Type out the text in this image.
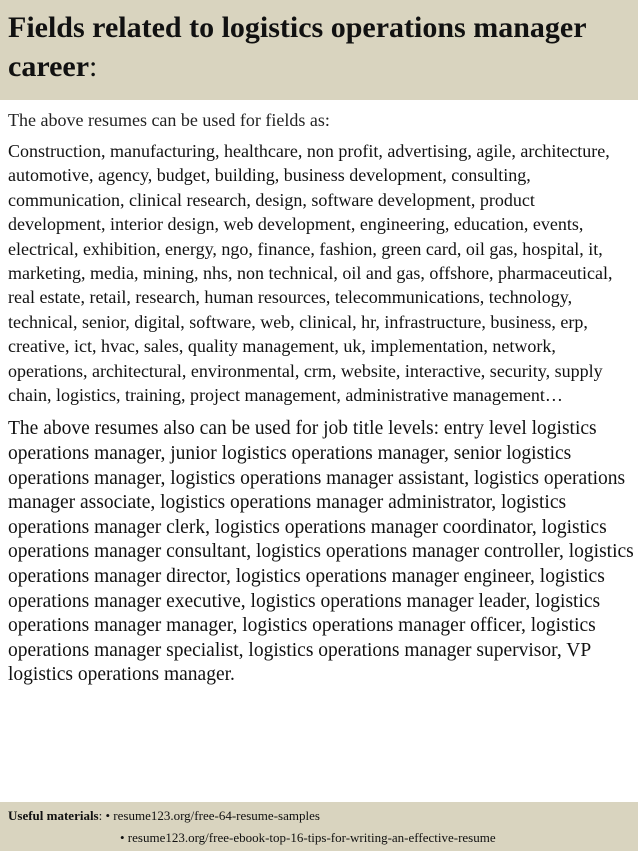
Fields related to logistics operations manager career:

The above resumes can be used for fields as:

Construction, manufacturing, healthcare, non profit, advertising, agile, architecture, automotive, agency, budget, building, business development, consulting, communication, clinical research, design, software development, product development, interior design, web development, engineering, education, events, electrical, exhibition, energy, ngo, finance, fashion, green card, oil gas, hospital, it, marketing, media, mining, nhs, non technical, oil and gas, offshore, pharmaceutical, real estate, retail, research, human resources, telecommunications, technology, technical, senior, digital, software, web, clinical, hr, infrastructure, business, erp, creative, ict, hvac, sales, quality management, uk, implementation, network, operations, architectural, environmental, crm, website, interactive, security, supply chain, logistics, training, project management, administrative management…

The above resumes also can be used for job title levels: entry level logistics operations manager, junior logistics operations manager, senior logistics operations manager, logistics operations manager assistant, logistics operations manager associate, logistics operations manager administrator, logistics operations manager clerk, logistics operations manager coordinator, logistics operations manager consultant, logistics operations manager controller, logistics operations manager director, logistics operations manager engineer, logistics operations manager executive, logistics operations manager leader, logistics operations manager manager, logistics operations manager officer, logistics operations manager specialist, logistics operations manager supervisor, VP logistics operations manager.

Useful materials: • resume123.org/free-64-resume-samples
• resume123.org/free-ebook-top-16-tips-for-writing-an-effective-resume
